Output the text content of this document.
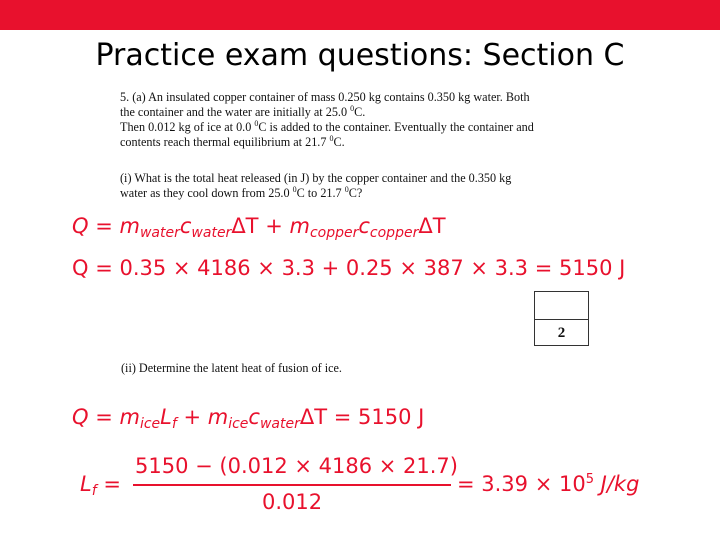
Practice exam questions: Section C
5. (a) An insulated copper container of mass 0.250 kg contains 0.350 kg water. Both
the container and the water are initially at 25.0 $^0$C.
Then 0.012 kg of ice at 0.0 $^0$C is added to the container. Eventually the container and
contents reach thermal equilibrium at 21.7 $^0$C.
(i) What is the total heat released (in J) by the copper container and the 0.350 kg
water as they cool down from 25.0 $^0$C to 21.7 $^0$C?
$Q = m_{water}c_{water}\Delta T + m_{copper}c_{copper}\Delta T$
Q = 0.35 × 4186 × 3.3 + 0.25 × 387 × 3.3 = 5150 J
2
(ii) Determine the latent heat of fusion of ice.
$Q = m_{ice}L_f + m_{ice}c_{water}\Delta T = 5150$ J
$L_f$ =
5150 − (0.012 × 4186 × 21.7)
0.012
= $3.39 \times 10^5$ J/kg
